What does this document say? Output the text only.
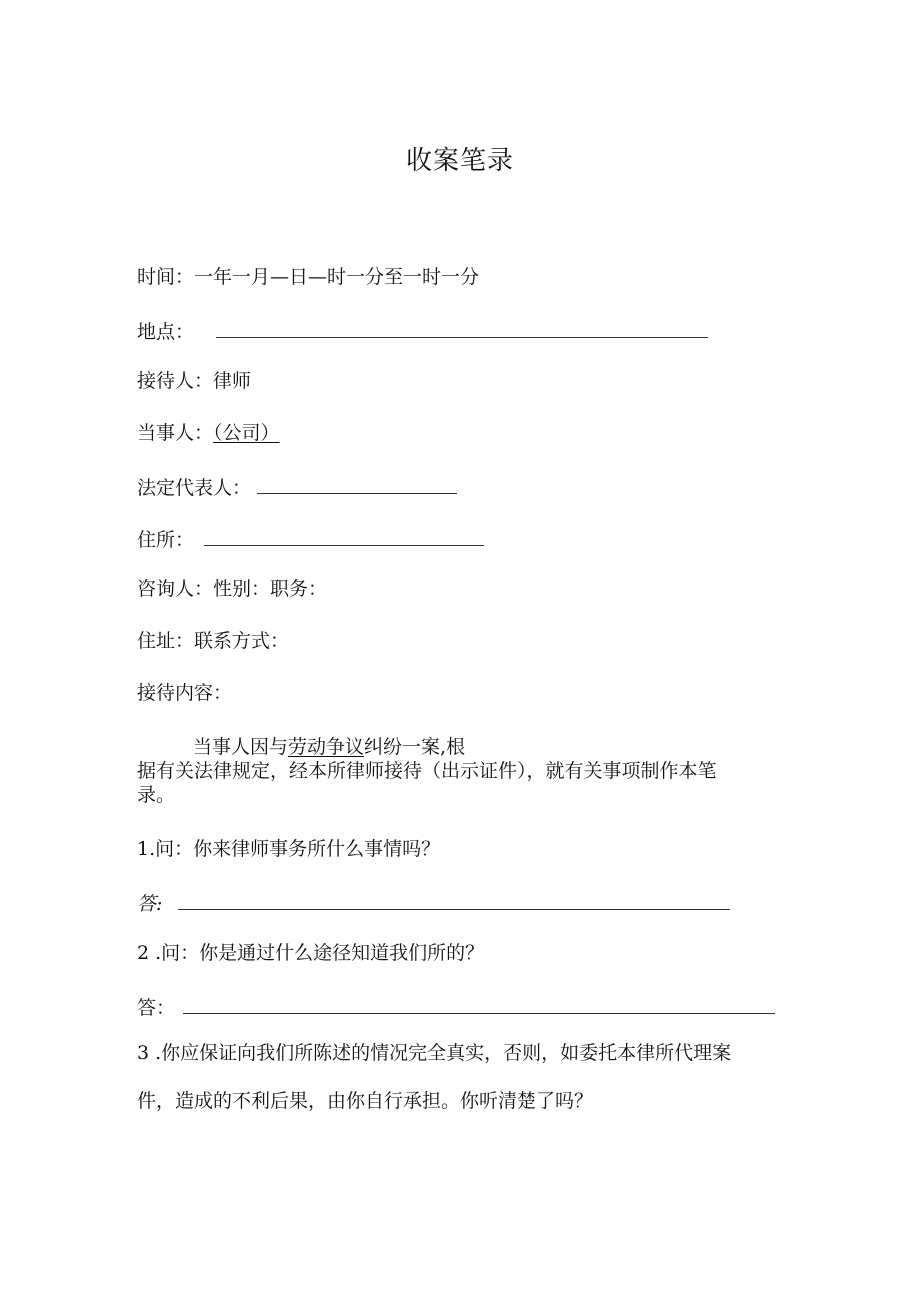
收案笔录
时间：一年一月—日—时一分至一时一分
地点：
接待人：律师
当事人：（公司）
法定代表人：
住所：
咨询人：性别：职务：
住址：联系方式：
接待内容：
当事人因与劳动争议纠纷一案,根
据有关法律规定，经本所律师接待（出示证件），就有关事项制作本笔
录。
1.问：你来律师事务所什么事情吗？
答:
2 .问：你是通过什么途径知道我们所的？
答：
3 .你应保证向我们所陈述的情况完全真实，否则，如委托本律所代理案
件，造成的不利后果，由你自行承担。你听清楚了吗？
